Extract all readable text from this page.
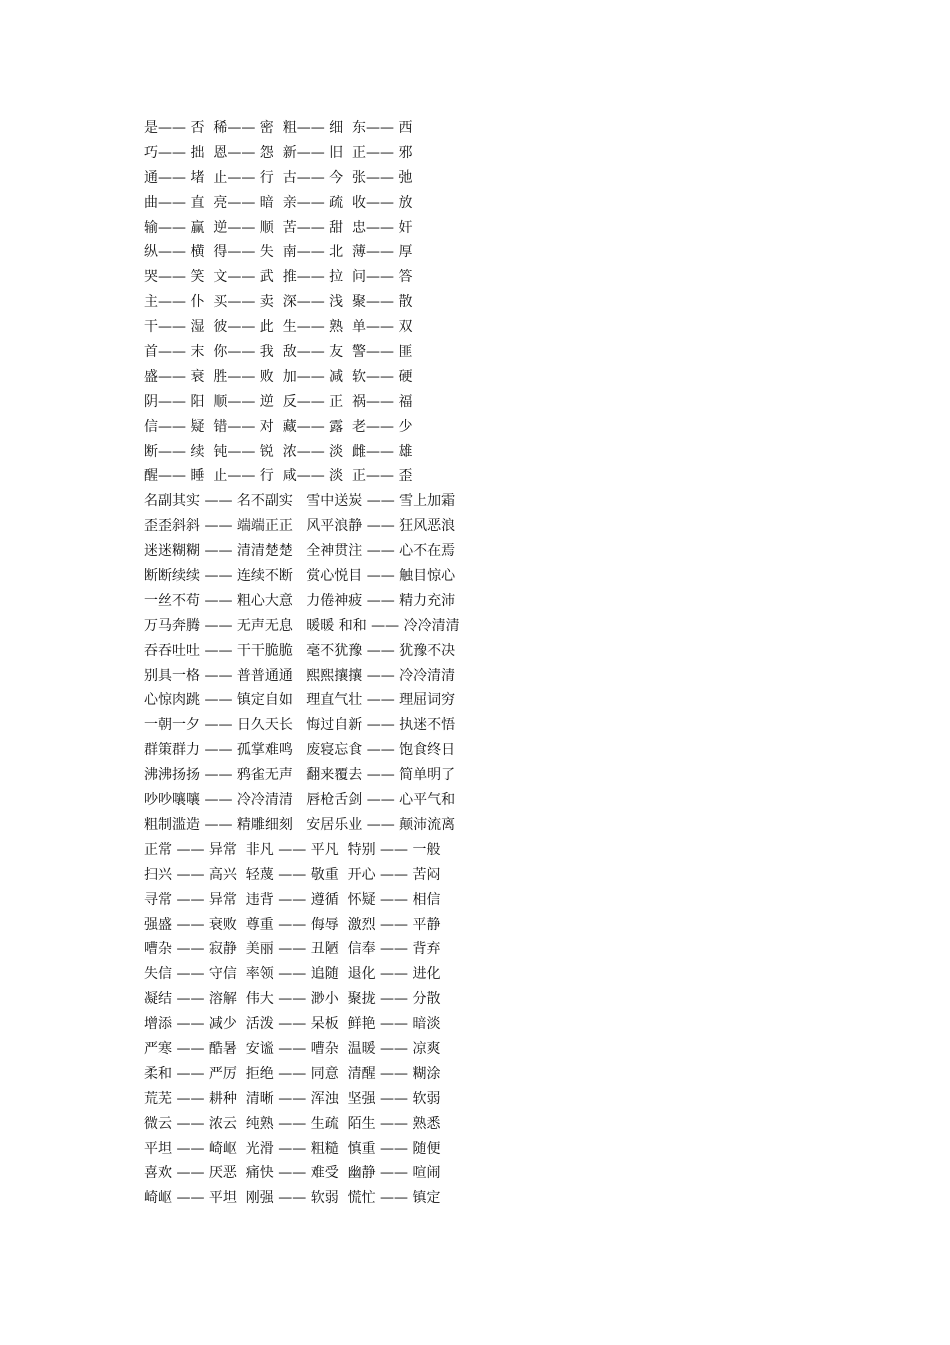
是—— 否  稀—— 密  粗—— 细  东—— 西
巧—— 拙  恩—— 怨  新—— 旧  正—— 邪
通—— 堵  止—— 行  古—— 今  张—— 弛
曲—— 直  亮—— 暗  亲—— 疏  收—— 放
输—— 赢  逆—— 顺  苦—— 甜  忠—— 奸
纵—— 横  得—— 失  南—— 北  薄—— 厚
哭—— 笑  文—— 武  推—— 拉  问—— 答
主—— 仆  买—— 卖  深—— 浅  聚—— 散
干—— 湿  彼—— 此  生—— 熟  单—— 双
首—— 末  你—— 我  敌—— 友  警—— 匪
盛—— 衰  胜—— 败  加—— 减  软—— 硬
阴—— 阳  顺—— 逆  反—— 正  祸—— 福
信—— 疑  错—— 对  藏—— 露  老—— 少
断—— 续  钝—— 锐  浓—— 淡  雌—— 雄
醒—— 睡  止—— 行  咸—— 淡  正—— 歪
名副其实 —— 名不副实   雪中送炭 —— 雪上加霜
歪歪斜斜 —— 端端正正   风平浪静 —— 狂风恶浪
迷迷糊糊 —— 清清楚楚   全神贯注 —— 心不在焉
断断续续 —— 连续不断   赏心悦目 —— 触目惊心
一丝不苟 —— 粗心大意   力倦神疲 —— 精力充沛
万马奔腾 —— 无声无息   暖暖 和和 —— 冷冷清清
吞吞吐吐 —— 干干脆脆   毫不犹豫 —— 犹豫不决
别具一格 —— 普普通通   熙熙攘攘 —— 冷冷清清
心惊肉跳 —— 镇定自如   理直气壮 —— 理屈词穷
一朝一夕 —— 日久天长   悔过自新 —— 执迷不悟
群策群力 —— 孤掌难鸣   废寝忘食 —— 饱食终日
沸沸扬扬 —— 鸦雀无声   翻来覆去 —— 简单明了
吵吵嚷嚷 —— 冷冷清清   唇枪舌剑 —— 心平气和
粗制滥造 —— 精雕细刻   安居乐业 —— 颠沛流离
正常 —— 异常  非凡 —— 平凡  特别 —— 一般
扫兴 —— 高兴  轻蔑 —— 敬重  开心 —— 苦闷
寻常 —— 异常  违背 —— 遵循  怀疑 —— 相信
强盛 —— 衰败  尊重 —— 侮辱  激烈 —— 平静
嘈杂 —— 寂静  美丽 —— 丑陋  信奉 —— 背弃
失信 —— 守信  率领 —— 追随  退化 —— 进化
凝结 —— 溶解  伟大 —— 渺小  聚拢 —— 分散
增添 —— 减少  活泼 —— 呆板  鲜艳 —— 暗淡
严寒 —— 酷暑  安谧 —— 嘈杂  温暖 —— 凉爽
柔和 —— 严厉  拒绝 —— 同意  清醒 —— 糊涂
荒芜 —— 耕种  清晰 —— 浑浊  坚强 —— 软弱
微云 —— 浓云  纯熟 —— 生疏  陌生 —— 熟悉
平坦 —— 崎岖  光滑 —— 粗糙  慎重 —— 随便
喜欢 —— 厌恶  痛快 —— 难受  幽静 —— 喧闹
崎岖 —— 平坦  刚强 —— 软弱  慌忙 —— 镇定
